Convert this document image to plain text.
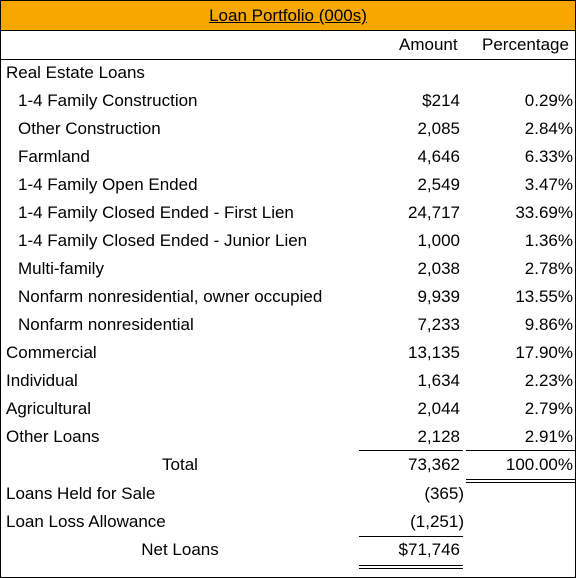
Loan Portfolio (000s)
Amount Percentage
Real Estate Loans
1-4 Family Construction	$214	0.29%
Other Construction	2,085	2.84%
Farmland	4,646	6.33%
1-4 Family Open Ended	2,549	3.47%
1-4 Family Closed Ended - First Lien	24,717	33.69%
1-4 Family Closed Ended - Junior Lien	1,000	1.36%
Multi-family	2,038	2.78%
Nonfarm nonresidential, owner occupied	9,939	13.55%
Nonfarm nonresidential	7,233	9.86%
Commercial	13,135	17.90%
Individual	1,634	2.23%
Agricultural	2,044	2.79%
Other Loans	2,128	2.91%
Total	73,362	100.00%
Loans Held for Sale	(365)
Loan Loss Allowance	(1,251)
Net Loans	$71,746
